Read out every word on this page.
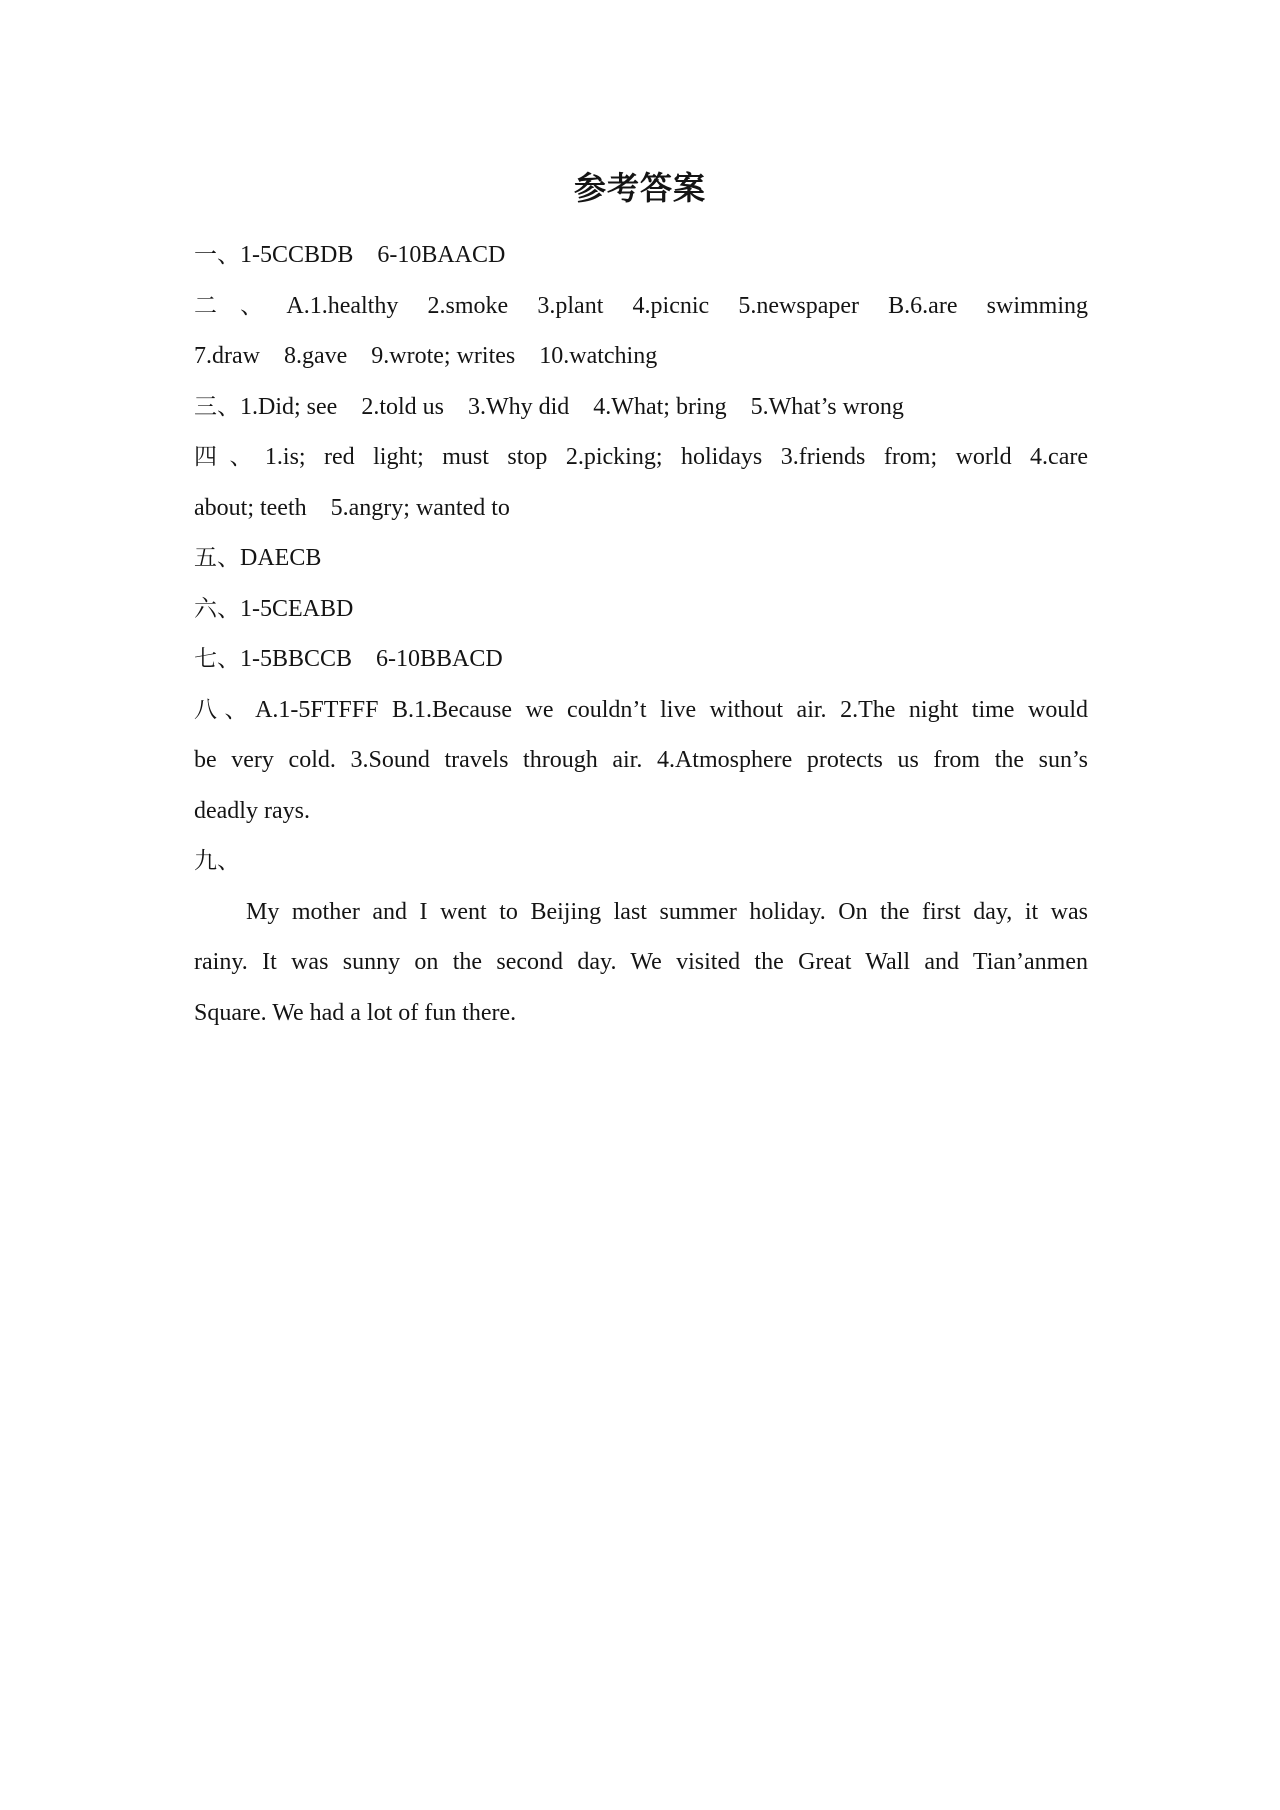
参考答案
一、1-5CCBDB    6-10BAACD
二、A.1.healthy 2.smoke 3.plant 4.picnic 5.newspaper B.6.are swimming
7.draw    8.gave    9.wrote; writes    10.watching
三、1.Did; see    2.told us    3.Why did    4.What; bring    5.What’s wrong
四、1.is; red light; must stop 2.picking; holidays 3.friends from; world 4.care
about; teeth    5.angry; wanted to
五、DAECB
六、1-5CEABD
七、1-5BBCCB    6-10BBACD
八、A.1-5FTFFF B.1.Because we couldn’t live without air. 2.The night time would
be very cold. 3.Sound travels through air. 4.Atmosphere protects us from the sun’s
deadly rays.
九、
My mother and I went to Beijing last summer holiday. On the first day, it was
rainy. It was sunny on the second day. We visited the Great Wall and Tian’anmen
Square. We had a lot of fun there.
